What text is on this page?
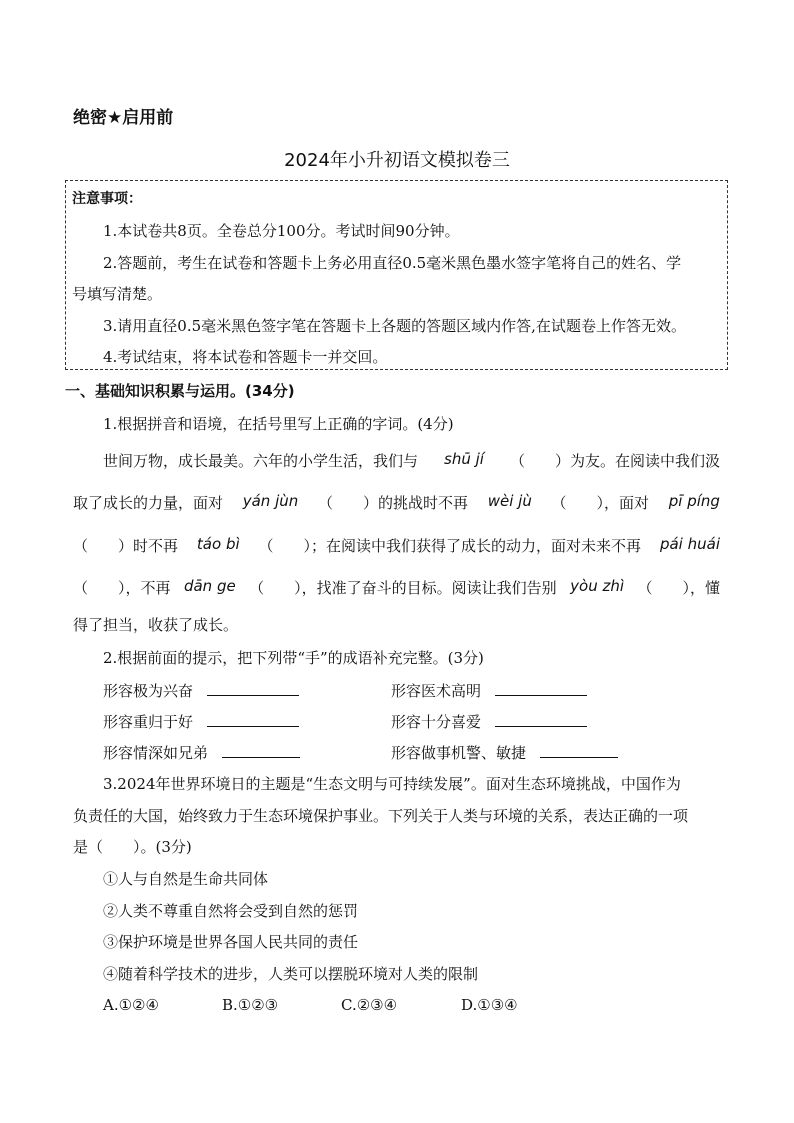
绝密★启用前
2024年小升初语文模拟卷三
注意事项：
1.本试卷共8页。全卷总分100分。考试时间90分钟。
2.答题前，考生在试卷和答题卡上务必用直径0.5毫米黑色墨水签字笔将自己的姓名、学
号填写清楚。
3.请用直径0.5毫米黑色签字笔在答题卡上各题的答题区域内作答,在试题卷上作答无效。
4.考试结束，将本试卷和答题卡一并交回。
一、基础知识积累与运用。(34分)
1.根据拼音和语境，在括号里写上正确的字词。(4分)
世间万物，成长最美。六年的小学生活，我们与 shū jí （　　）为友。在阅读中我们汲
取了成长的力量，面对 yán jùn （　　）的挑战时不再 wèi jù （　　），面对 pī píng
（　　）时不再 táo bì （　　）；在阅读中我们获得了成长的动力，面对未来不再 pái huái
（　　），不再 dān ge （　　），找准了奋斗的目标。阅读让我们告别 yòu zhì （　　），懂
得了担当，收获了成长。
2.根据前面的提示，把下列带“手”的成语补充完整。(3分)
形容极为兴奋	形容医术高明
形容重归于好	形容十分喜爱
形容情深如兄弟	形容做事机警、敏捷
3.2024年世界环境日的主题是“生态文明与可持续发展”。面对生态环境挑战，中国作为
负责任的大国，始终致力于生态环境保护事业。下列关于人类与环境的关系，表达正确的一项
是（　　）。(3分)
①人与自然是生命共同体
②人类不尊重自然将会受到自然的惩罚
③保护环境是世界各国人民共同的责任
④随着科学技术的进步，人类可以摆脱环境对人类的限制
A.①②④	B.①②③	C.②③④	D.①③④
